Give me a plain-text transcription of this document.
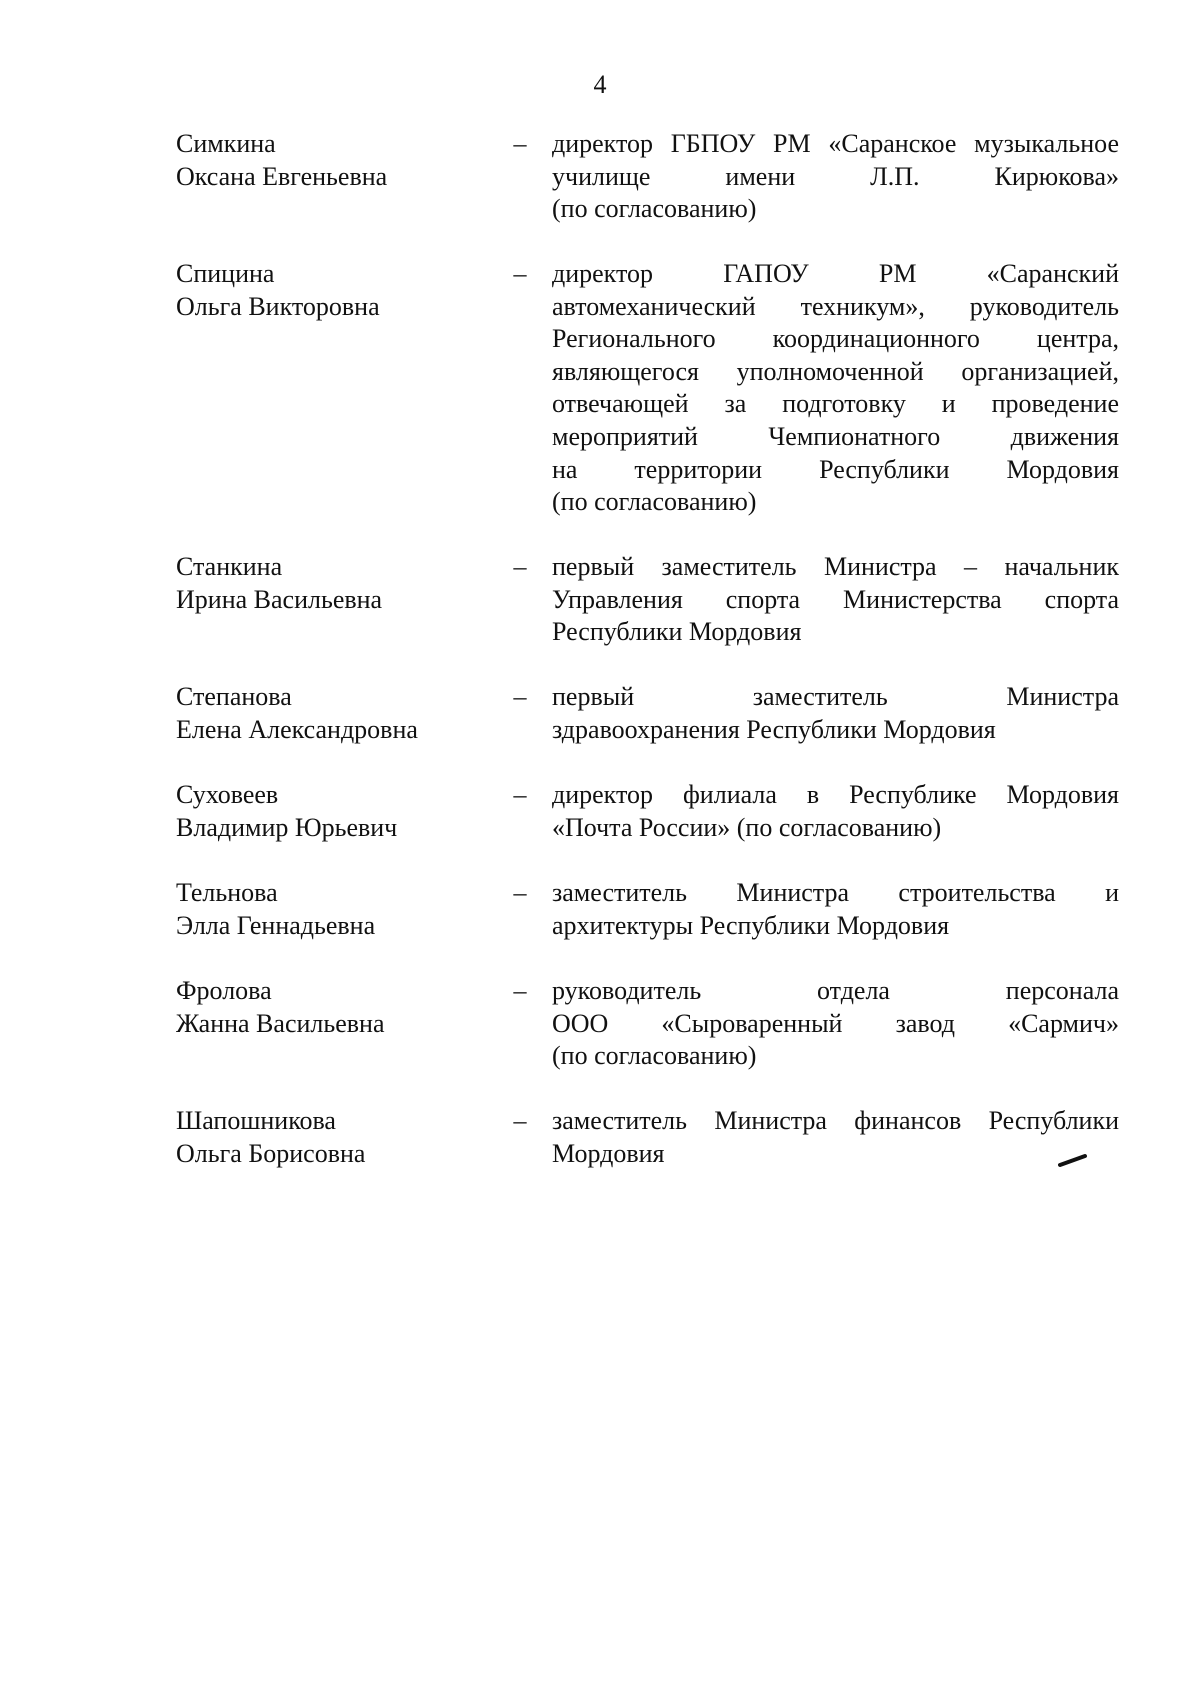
4
Симкина
Оксана Евгеньевна
– директор ГБПОУ РМ «Саранское музыкальное
училище имени Л.П. Кирюкова»
(по согласованию)
Спицина
Ольга Викторовна
– директор ГАПОУ РМ «Саранский
автомеханический техникум», руководитель
Регионального координационного центра,
являющегося уполномоченной организацией,
отвечающей за подготовку и проведение
мероприятий Чемпионатного движения
на территории Республики Мордовия
(по согласованию)
Станкина
Ирина Васильевна
– первый заместитель Министра – начальник
Управления спорта Министерства спорта
Республики Мордовия
Степанова
Елена Александровна
– первый заместитель Министра
здравоохранения Республики Мордовия
Суховеев
Владимир Юрьевич
– директор филиала в Республике Мордовия
«Почта России» (по согласованию)
Тельнова
Элла Геннадьевна
– заместитель Министра строительства и
архитектуры Республики Мордовия
Фролова
Жанна Васильевна
– руководитель отдела персонала
ООО «Сыроваренный завод «Сармич»
(по согласованию)
Шапошникова
Ольга Борисовна
– заместитель Министра финансов Республики
Мордовия
